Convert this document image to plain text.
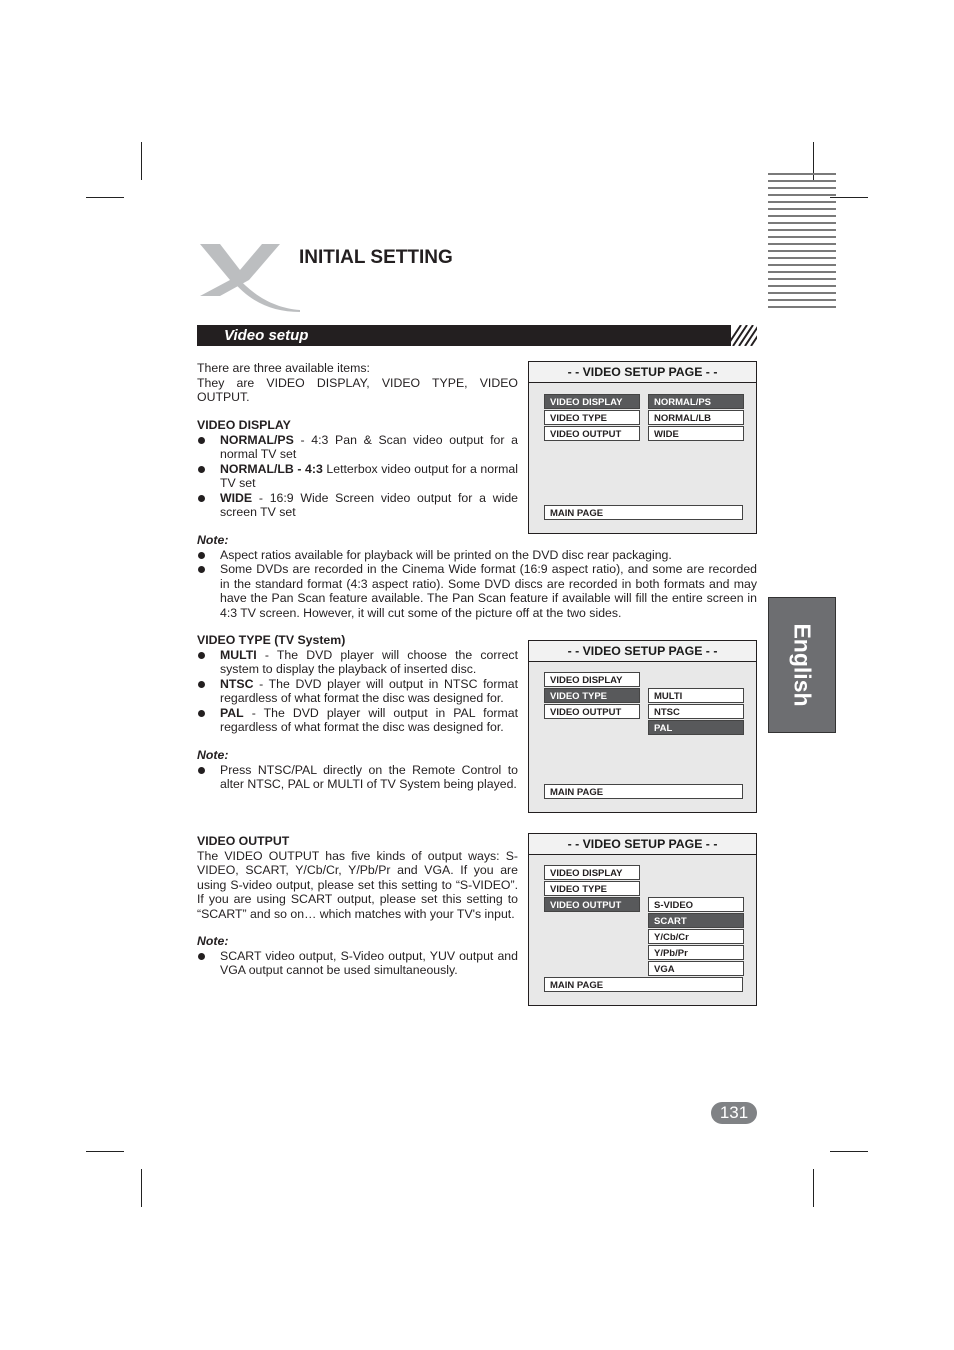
INITIAL SETTING
Video setup
There are three available items:
They are VIDEO DISPLAY, VIDEO TYPE, VIDEO OUTPUT.
VIDEO DISPLAY
NORMAL/PS - 4:3 Pan & Scan video output for a normal TV set
NORMAL/LB - 4:3 Letterbox video output for a normal TV set
WIDE - 16:9 Wide Screen video output for a wide screen TV set
Note:
Aspect ratios available for playback will be printed on the DVD disc rear packaging.
Some DVDs are recorded in the Cinema Wide format (16:9 aspect ratio), and some are recorded in the standard format (4:3 aspect ratio). Some DVD discs are recorded in both formats and may have the Pan Scan feature available. The Pan Scan feature if available will fill the entire screen in 4:3 TV screen. However, it will cut some of the picture off at the two sides.
VIDEO TYPE (TV System)
MULTI - The DVD player will choose the correct system to display the playback of inserted disc.
NTSC - The DVD player will output in NTSC format regardless of what format the disc was designed for.
PAL - The DVD player will output in PAL format regardless of what format the disc was designed for.
Note:
Press NTSC/PAL directly on the Remote Control to alter NTSC, PAL or MULTI of TV System being played.
VIDEO OUTPUT
The VIDEO OUTPUT has five kinds of output ways: S-VIDEO, SCART, Y/Cb/Cr, Y/Pb/Pr and VGA. If you are using S-video output, please set this setting to “S-VIDEO”. If you are using SCART output, please set this setting to “SCART” and so on… which matches with your TV's input.
Note:
SCART video output, S-Video output, YUV output and VGA output cannot be used simultaneously.
- - VIDEO SETUP PAGE - -
VIDEO DISPLAY
VIDEO TYPE
VIDEO OUTPUT
NORMAL/PS
NORMAL/LB
WIDE
MAIN PAGE
- - VIDEO SETUP PAGE - -
VIDEO DISPLAY
VIDEO TYPE
VIDEO OUTPUT
MULTI
NTSC
PAL
MAIN PAGE
- - VIDEO SETUP PAGE - -
VIDEO DISPLAY
VIDEO TYPE
VIDEO OUTPUT	S-VIDEO
SCART
Y/Cb/Cr
Y/Pb/Pr
VGA
MAIN PAGE
English
131
